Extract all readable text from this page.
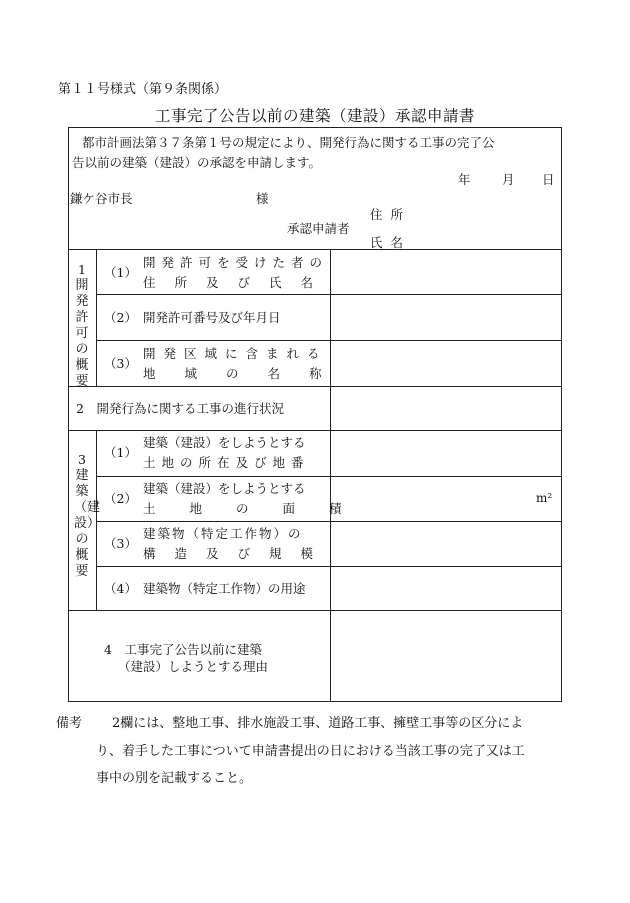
第１１号様式（第９条関係）
工事完了公告以前の建築（建設）承認申請書
都市計画法第３７条第１号の規定により、開発行為に関する工事の完了公
告以前の建築（建設）の承認を申請します。
年	月 日
鎌ケ谷市長	様
住所
承認申請者
氏名
1
開発許可の概要
（1）
開発許可を受けた者の
住所及び氏名
（2） 開発許可番号及び年月日
（3）
開発区域に含まれる
地域の名称
2　開発行為に関する工事の進行状況
3
建築（建設）の概要
（1）
建築（建設）をしようとする
土地の所在及び地番
（2）
建築（建設）をしようとする
土地の面積
m²
（3）
建築物（特定工作物）の
構造及び規模
（4） 建築物（特定工作物）の用途
4　工事完了公告以前に建築
（建設）しようとする理由
備考 2欄には、整地工事、排水施設工事、道路工事、擁壁工事等の区分によ
り、着手した工事について申請書提出の日における当該工事の完了又は工
事中の別を記載すること。
